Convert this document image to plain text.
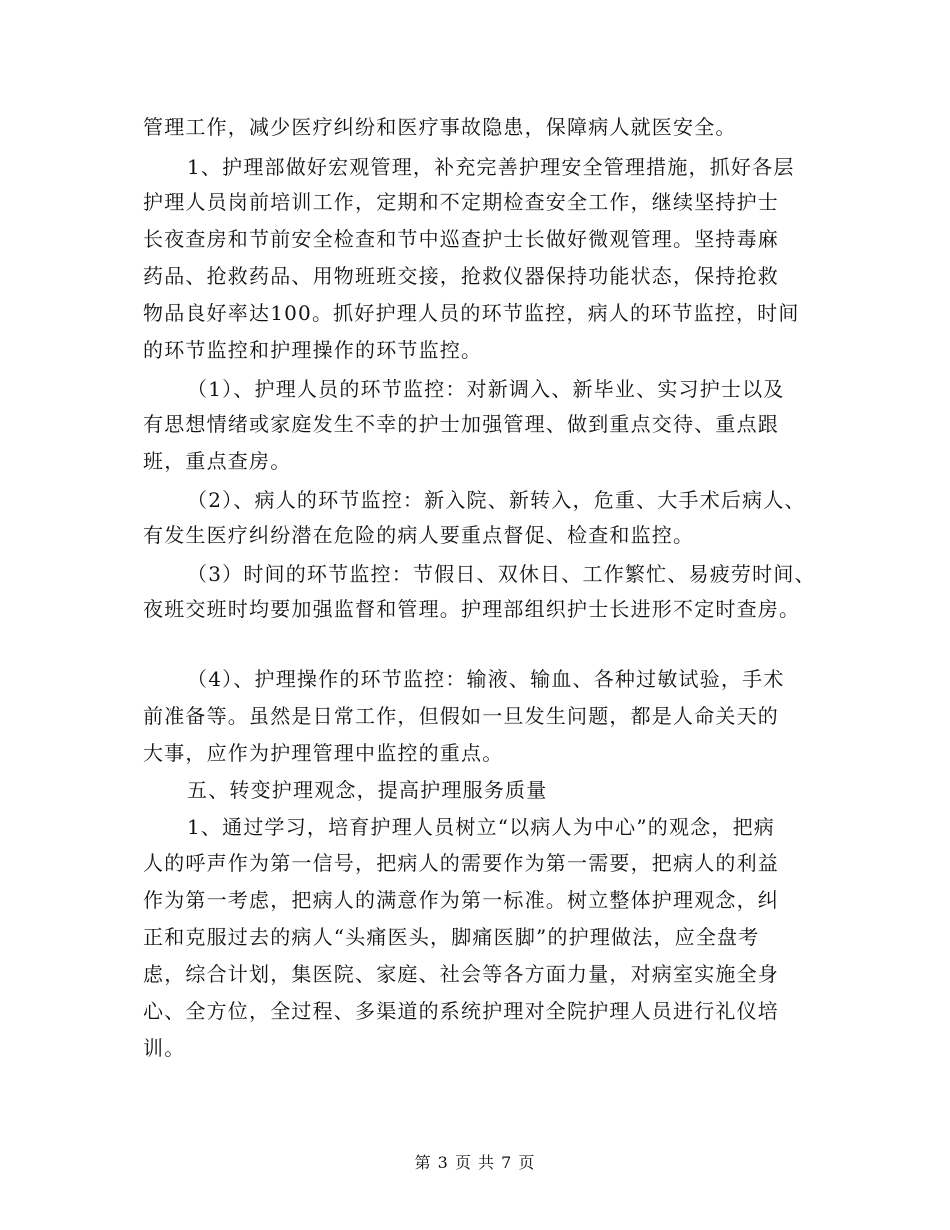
管理工作，减少医疗纠纷和医疗事故隐患，保障病人就医安全。
1、护理部做好宏观管理，补充完善护理安全管理措施，抓好各层
护理人员岗前培训工作，定期和不定期检查安全工作，继续坚持护士
长夜查房和节前安全检查和节中巡查护士长做好微观管理。坚持毒麻
药品、抢救药品、用物班班交接，抢救仪器保持功能状态，保持抢救
物品良好率达100。抓好护理人员的环节监控，病人的环节监控，时间
的环节监控和护理操作的环节监控。
（1）、护理人员的环节监控：对新调入、新毕业、实习护士以及
有思想情绪或家庭发生不幸的护士加强管理、做到重点交待、重点跟
班，重点查房。
（2）、病人的环节监控：新入院、新转入，危重、大手术后病人、
有发生医疗纠纷潜在危险的病人要重点督促、检查和监控。
（3）时间的环节监控：节假日、双休日、工作繁忙、易疲劳时间、
夜班交班时均要加强监督和管理。护理部组织护士长进形不定时查房。
（4）、护理操作的环节监控：输液、输血、各种过敏试验，手术
前准备等。虽然是日常工作，但假如一旦发生问题，都是人命关天的
大事，应作为护理管理中监控的重点。
五、转变护理观念，提高护理服务质量
1、通过学习，培育护理人员树立“以病人为中心”的观念，把病
人的呼声作为第一信号，把病人的需要作为第一需要，把病人的利益
作为第一考虑，把病人的满意作为第一标准。树立整体护理观念，纠
正和克服过去的病人“头痛医头，脚痛医脚”的护理做法，应全盘考
虑，综合计划，集医院、家庭、社会等各方面力量，对病室实施全身
心、全方位，全过程、多渠道的系统护理对全院护理人员进行礼仪培
训。
第 3 页 共 7 页
